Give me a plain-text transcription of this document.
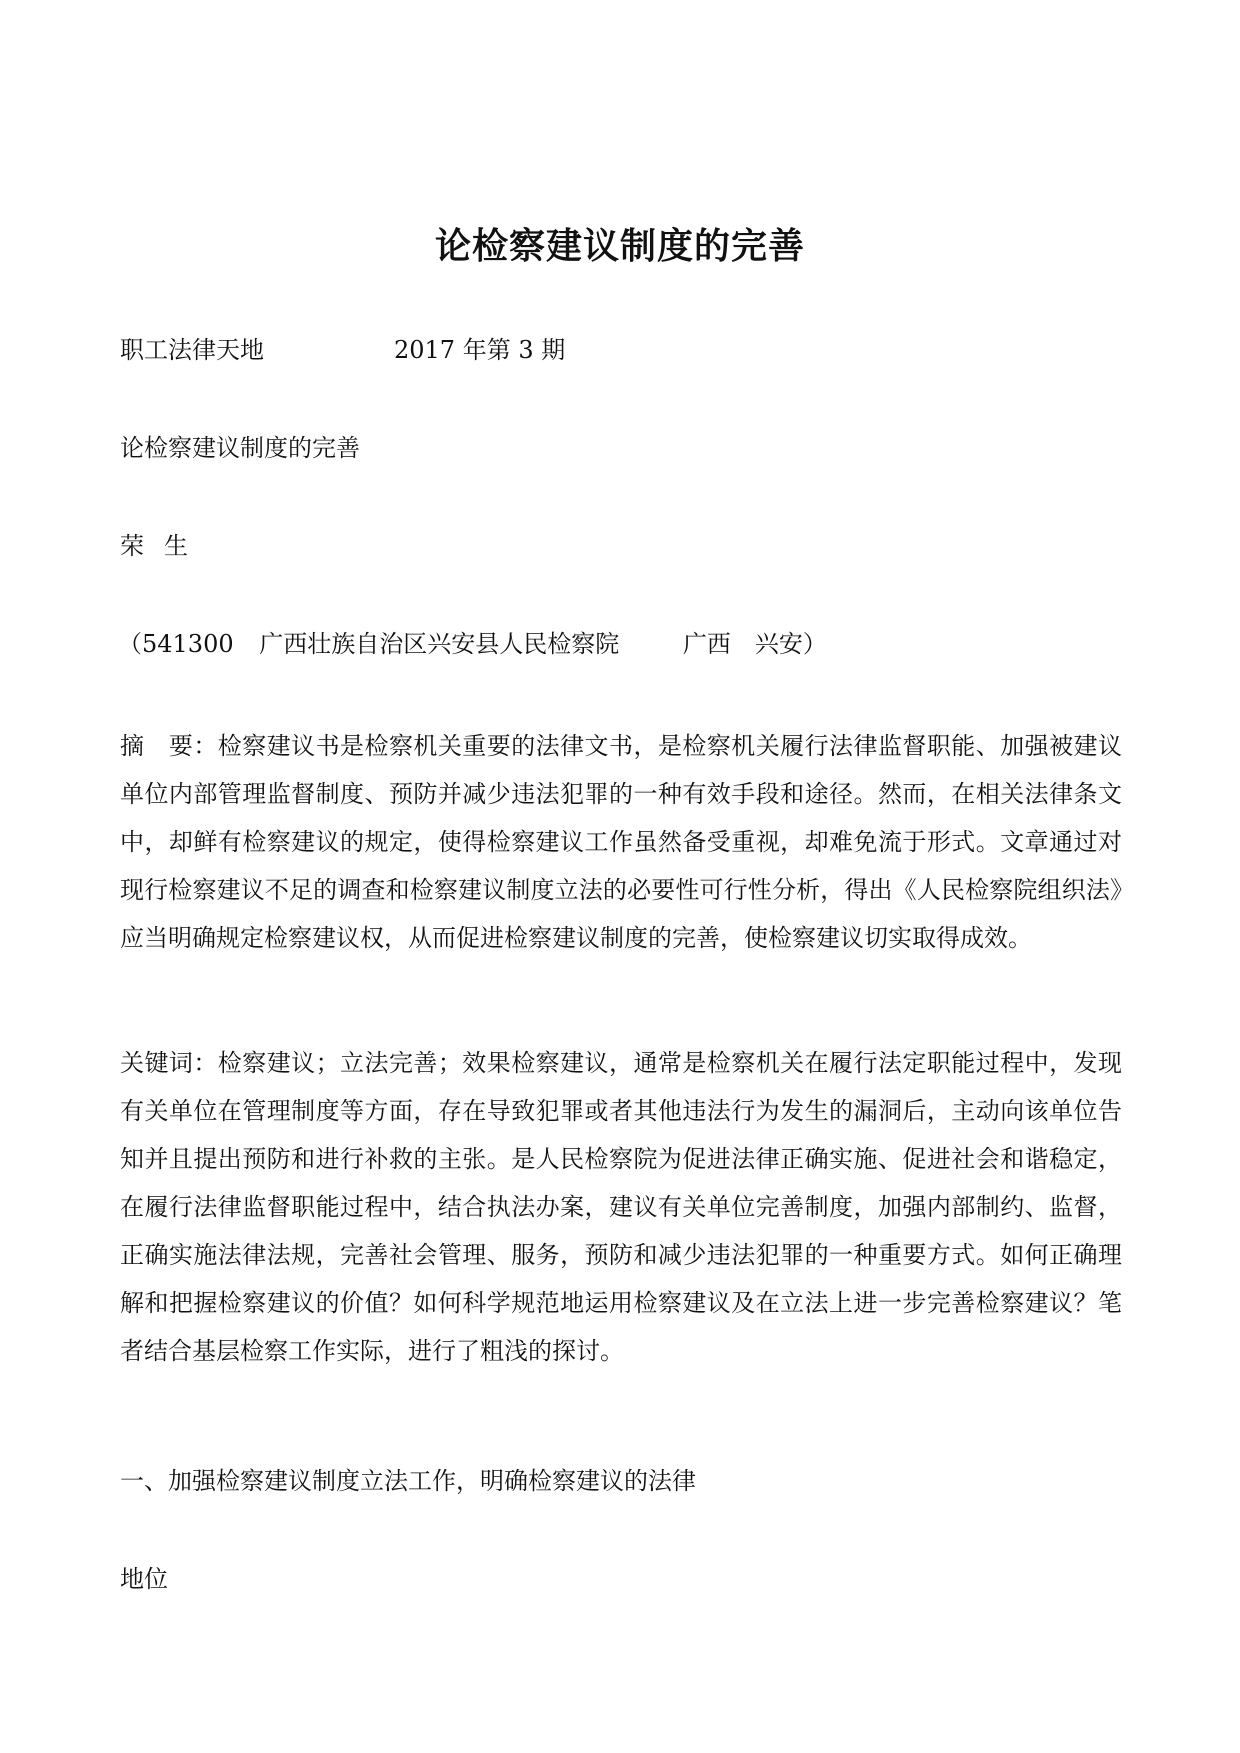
论检察建议制度的完善
职工法律天地	2017 年第 3 期
论检察建议制度的完善
荣生
（541300 广西壮族自治区兴安县人民检察院	广西　兴安）
摘　要：检察建议书是检察机关重要的法律文书，是检察机关履行法律监督职能、加强被建议单位内部管理监督制度、预防并减少违法犯罪的一种有效手段和途径。然而，在相关法律条文中，却鲜有检察建议的规定，使得检察建议工作虽然备受重视，却难免流于形式。文章通过对现行检察建议不足的调查和检察建议制度立法的必要性可行性分析，得出《人民检察院组织法》应当明确规定检察建议权，从而促进检察建议制度的完善，使检察建议切实取得成效。
关键词：检察建议；立法完善；效果检察建议，通常是检察机关在履行法定职能过程中，发现有关单位在管理制度等方面，存在导致犯罪或者其他违法行为发生的漏洞后，主动向该单位告知并且提出预防和进行补救的主张。是人民检察院为促进法律正确实施、促进社会和谐稳定，在履行法律监督职能过程中，结合执法办案，建议有关单位完善制度，加强内部制约、监督，正确实施法律法规，完善社会管理、服务，预防和减少违法犯罪的一种重要方式。如何正确理解和把握检察建议的价值？如何科学规范地运用检察建议及在立法上进一步完善检察建议？笔者结合基层检察工作实际，进行了粗浅的探讨。
一、加强检察建议制度立法工作，明确检察建议的法律
地位
